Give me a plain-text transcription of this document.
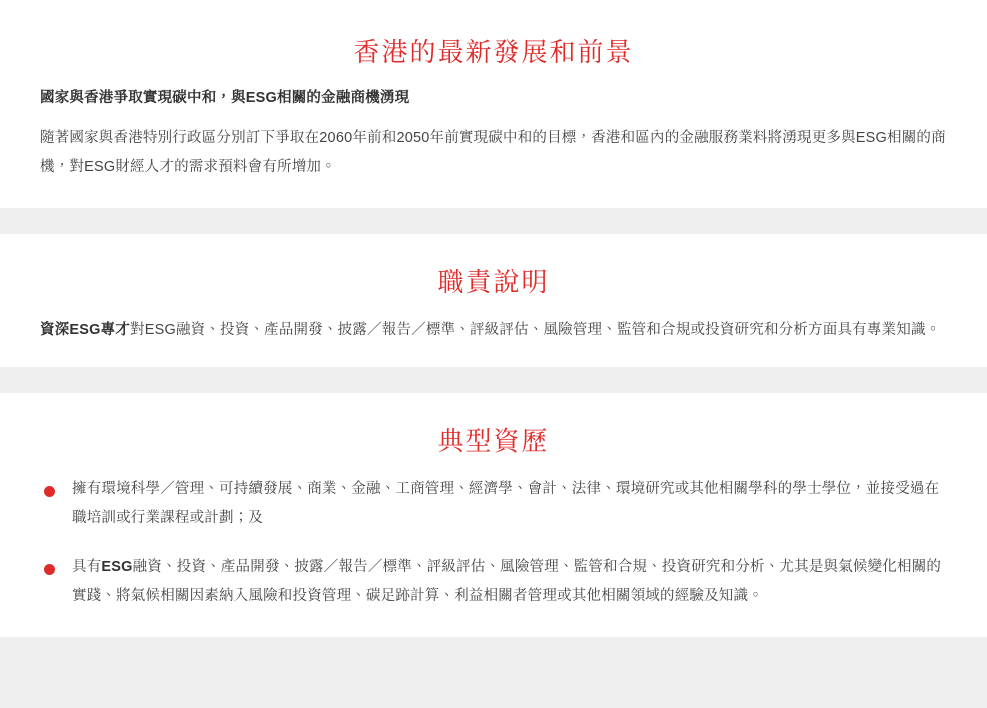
香港的最新發展和前景

國家與香港爭取實現碳中和，與ESG相關的金融商機湧現

隨著國家與香港特別行政區分別訂下爭取在2060年前和2050年前實現碳中和的目標，香港和區內的金融服務業料將湧現更多與ESG相關的商機，對ESG財經人才的需求預料會有所增加。

職責說明

資深ESG專才對ESG融資、投資、產品開發、披露／報告／標準、評級評估、風險管理、監管和合規或投資研究和分析方面具有專業知識。

典型資歷
擁有環境科學／管理、可持續發展、商業、金融、工商管理、經濟學、會計、法律、環境研究或其他相關學科的學士學位，並接受過在職培訓或行業課程或計劃；及
具有ESG融資、投資、產品開發、披露／報告／標準、評級評估、風險管理、監管和合規、投資研究和分析、尤其是與氣候變化相關的實踐、將氣候相關因素納入風險和投資管理、碳足跡計算、利益相關者管理或其他相關領域的經驗及知識。
